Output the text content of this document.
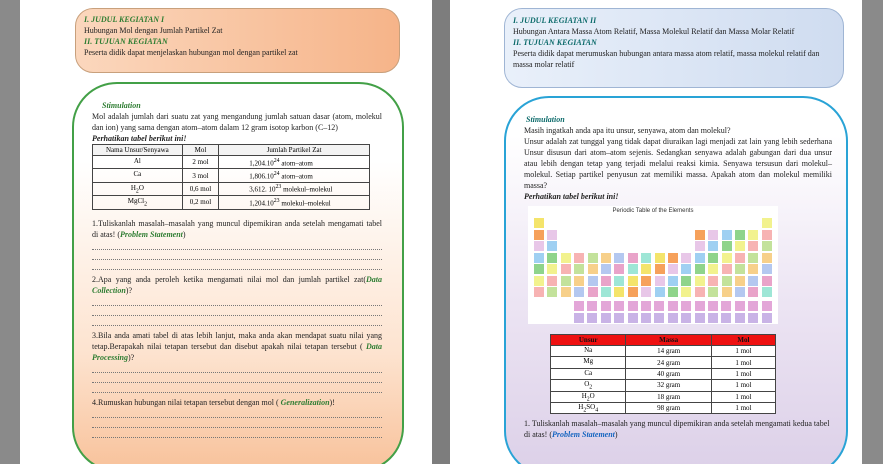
I. JUDUL KEGIATAN I
Hubungan Mol dengan Jumlah Partikel Zat
II. TUJUAN KEGIATAN
Peserta didik dapat menjelaskan hubungan mol dengan partikel zat
Stimulation
Mol adalah jumlah dari suatu zat yang mengandung jumlah satuan dasar (atom, molekul dan ion) yang sama dengan atom–atom dalam 12 gram isotop karbon (C–12)
Perhatikan tabel berikut ini!
Nama Unsur/Senyawa	Mol	Jumlah Partikel Zat
Al	2 mol	1,204.10$^{24}$ atom–atom
Ca	3 mol	1,806.10$^{24}$ atom–atom
$H_2O$	0,6 mol	3,612. $10^{23}$ molekul–molekul
MgCl$_2$	0,2 mol	1,204.10$^{23}$ molekul–molekul
1.Tuliskanlah masalah–masalah yang muncul dipemikiran anda setelah mengamati tabel di atas! (Problem Statement)
2.Apa yang anda peroleh ketika mengamati nilai mol dan jumlah partikel zat(Data Collection)?
3.Bila anda amati tabel di atas lebih lanjut, maka anda akan mendapat suatu nilai yang tetap.Berapakah nilai tetapan tersebut dan disebut apakah nilai tetapan tersebut ( Data Processing)?
4.Rumuskan hubungan nilai tetapan tersebut dengan mol ( Generalization)!
I. JUDUL KEGIATAN II
Hubungan Antara Massa Atom Relatif, Massa Molekul Relatif dan Massa Molar Relatif
II. TUJUAN KEGIATAN
Peserta didik dapat merumuskan hubungan antara massa atom relatif, massa molekul relatif dan massa molar relatif
Stimulation
Masih ingatkah anda apa itu unsur, senyawa, atom dan molekul?
Unsur adalah zat tunggal yang tidak dapat diuraikan lagi menjadi zat lain yang lebih sederhana Unsur disusun dari atom–atom sejenis. Sedangkan senyawa adalah gabungan dari dua unsur atau lebih dengan tetap yang terjadi melalui reaksi kimia. Senyawa tersusun dari molekul–molekul. Setiap partikel penyusun zat memiliki massa. Apakah atom dan molekul memiliki massa?
Perhatikan tabel berikut ini!
Periodic Table of the Elements
Unsur	Massa	Mol
Na	14 gram	1 mol
Mg	24 gram	1 mol
Ca	40 gram	1 mol
$O_2$	32 gram	1 mol
$H_2O$	18 gram	1 mol
$H_2SO_4$	98 gram	1 mol
1. Tuliskanlah masalah–masalah yang muncul dipemikiran anda setelah mengamati kedua tabel di atas! (Problem Statement)
